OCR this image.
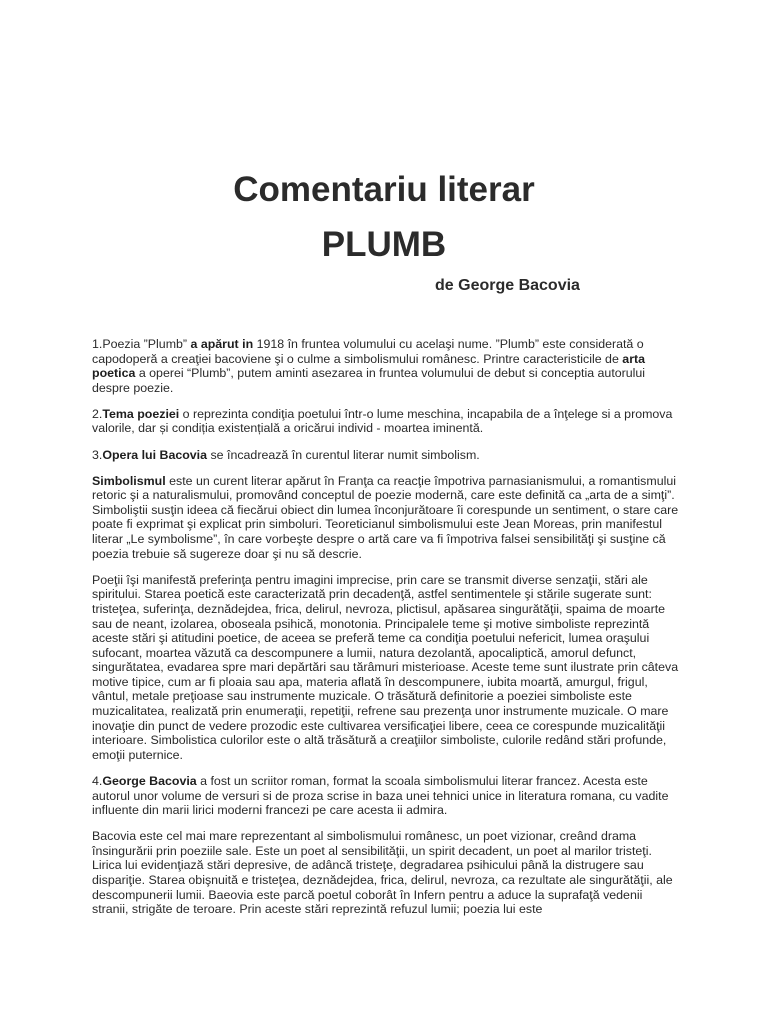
Comentariu literar
PLUMB
de George Bacovia

1.Poezia ”Plumb” a apărut in 1918 în fruntea volumului cu acelaşi nume. ”Plumb” este considerată o capodoperă a creaţiei bacoviene şi o culme a simbolismului românesc. Printre caracteristicile de arta poetica a operei “Plumb”, putem aminti asezarea in fruntea volumului de debut si conceptia autorului despre poezie.

2.Tema poeziei o reprezinta condiţia poetului într-o lume meschina, incapabila de a înţelege si a promova valorile, dar și condiția existențială a oricărui individ - moartea iminentă.

3.Opera lui Bacovia se încadrează în curentul literar numit simbolism.

Simbolismul este un curent literar apărut în Franţa ca reacţie împotriva parnasianismului, a romantismului retoric şi a naturalismului, promovând conceptul de poezie modernă, care este definită ca „arta de a simţi”. Simboliştii susţin ideea că fiecărui obiect din lumea înconjurătoare îi corespunde un sentiment, o stare care poate fi exprimat şi explicat prin simboluri. Teoreticianul simbolismului este Jean Moreas, prin manifestul literar „Le symbolisme”, în care vorbeşte despre o artă care va fi împotriva falsei sensibilităţi şi susţine că poezia trebuie să sugereze doar şi nu să descrie.

Poeţii îşi manifestă preferinţa pentru imagini imprecise, prin care se transmit diverse senzaţii, stări ale spiritului. Starea poetică este caracterizată prin decadenţă, astfel sentimentele şi stările sugerate sunt: tristeţea, suferinţa, deznădejdea, frica, delirul, nevroza, plictisul, apăsarea singurătăţii, spaima de moarte sau de neant, izolarea, oboseala psihică, monotonia. Principalele teme şi motive simboliste reprezintă aceste stări şi atitudini poetice, de aceea se preferă teme ca condiţia poetului nefericit, lumea oraşului sufocant, moartea văzută ca descompunere a lumii, natura dezolantă, apocaliptică, amorul defunct, singurătatea, evadarea spre mari depărtări sau tărâmuri misterioase. Aceste teme sunt ilustrate prin câteva motive tipice, cum ar fi ploaia sau apa, materia aflată în descompunere, iubita moartă, amurgul, frigul, vântul, metale preţioase sau instrumente muzicale. O trăsătură definitorie a poeziei simboliste este muzicalitatea, realizată prin enumeraţii, repetiţii, refrene sau prezenţa unor instrumente muzicale. O mare inovaţie din punct de vedere prozodic este cultivarea versificaţiei libere, ceea ce corespunde muzicalităţii interioare. Simbolistica culorilor este o altă trăsătură a creaţiilor simboliste, culorile redând stări profunde, emoţii puternice.

4.George Bacovia a fost un scriitor roman, format la scoala simbolismului literar francez. Acesta este autorul unor volume de versuri si de proza scrise in baza unei tehnici unice in literatura romana, cu vadite influente din marii lirici moderni francezi pe care acesta ii admira.

Bacovia este cel mai mare reprezentant al simbolismului românesc, un poet vizionar, creând drama însingurării prin poeziile sale. Este un poet al sensibilităţii, un spirit decadent, un poet al marilor tristeţi. Lirica lui evidenţiază stări depresive, de adâncă tristeţe, degradarea psihicului până la distrugere sau dispariţie. Starea obişnuită e tristeţea, deznădejdea, frica, delirul, nevroza, ca rezultate ale singurătăţii, ale descompunerii lumii. Baeovia este parcă poetul coborât în Infern pentru a aduce la suprafaţă vedenii stranii, strigăte de teroare. Prin aceste stări reprezintă refuzul lumii; poezia lui este
